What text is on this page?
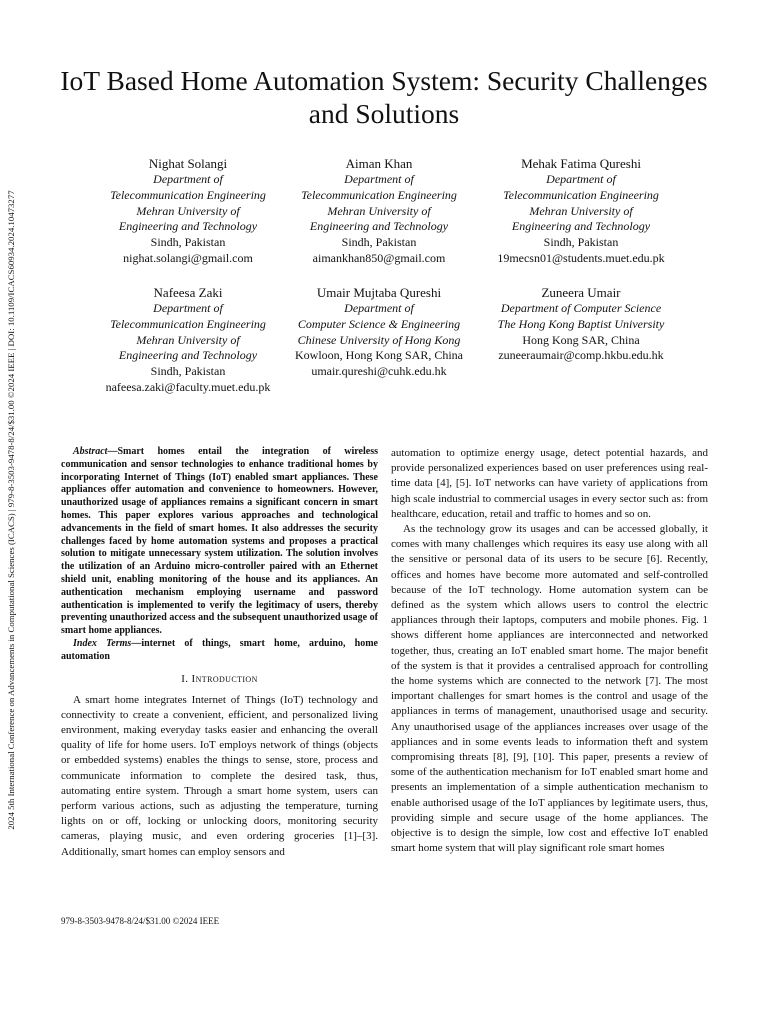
2024 5th International Conference on Advancements in Computational Sciences (ICACS) | 979-8-3503-9478-8/24/$31.00 ©2024 IEEE | DOI: 10.1109/ICACS60934.2024.10473277
IoT Based Home Automation System: Security Challenges and Solutions
Nighat Solangi
Department of
Telecommunication Engineering
Mehran University of
Engineering and Technology
Sindh, Pakistan
nighat.solangi@gmail.com
Aiman Khan
Department of
Telecommunication Engineering
Mehran University of
Engineering and Technology
Sindh, Pakistan
aimankhan850@gmail.com
Mehak Fatima Qureshi
Department of
Telecommunication Engineering
Mehran University of
Engineering and Technology
Sindh, Pakistan
19mecsn01@students.muet.edu.pk
Nafeesa Zaki
Department of
Telecommunication Engineering
Mehran University of
Engineering and Technology
Sindh, Pakistan
nafeesa.zaki@faculty.muet.edu.pk
Umair Mujtaba Qureshi
Department of
Computer Science & Engineering
Chinese University of Hong Kong
Kowloon, Hong Kong SAR, China
umair.qureshi@cuhk.edu.hk
Zuneera Umair
Department of Computer Science
The Hong Kong Baptist University
Hong Kong SAR, China
zuneeraumair@comp.hkbu.edu.hk

Abstract—Smart homes entail the integration of wireless communication and sensor technologies to enhance traditional homes by incorporating Internet of Things (IoT) enabled smart appliances. These appliances offer automation and convenience to homeowners. However, unauthorized usage of appliances remains a significant concern in smart homes. This paper explores various approaches and technological advancements in the field of smart homes. It also addresses the security challenges faced by home automation systems and proposes a practical solution to mitigate unnecessary system utilization. The solution involves the utilization of an Arduino micro-controller paired with an Ethernet shield unit, enabling monitoring of the house and its appliances. An authentication mechanism employing username and password authentication is implemented to verify the legitimacy of users, thereby preventing unauthorized access and the subsequent unauthorized usage of smart home appliances.

Index Terms—internet of things, smart home, arduino, home automation

I. Introduction

A smart home integrates Internet of Things (IoT) technology and connectivity to create a convenient, efficient, and personalized living environment, making everyday tasks easier and enhancing the overall quality of life for home users. IoT employs network of things (objects or embedded systems) enables the things to sense, store, process and communicate information to complete the desired task, thus, automating entire system. Through a smart home system, users can perform various actions, such as adjusting the temperature, turning lights on or off, locking or unlocking doors, monitoring security cameras, playing music, and even ordering groceries [1]–[3]. Additionally, smart homes can employ sensors and

automation to optimize energy usage, detect potential hazards, and provide personalized experiences based on user preferences using real-time data [4], [5]. IoT networks can have variety of applications from high scale industrial to commercial usages in every sector such as: from healthcare, education, retail and traffic to homes and so on.

As the technology grow its usages and can be accessed globally, it comes with many challenges which requires its easy use along with all the sensitive or personal data of its users to be secure [6]. Recently, offices and homes have become more automated and self-controlled because of the IoT technology. Home automation system can be defined as the system which allows users to control the electric appliances through their laptops, computers and mobile phones. Fig. 1 shows different home appliances are interconnected and networked together, thus, creating an IoT enabled smart home. The major benefit of the system is that it provides a centralised approach for controlling the home systems which are connected to the network [7]. The most important challenges for smart homes is the control and usage of the appliances in terms of management, unauthorised usage and security. Any unauthorised usage of the appliances increases over usage of the appliances and in some events leads to information theft and system compromising threats [8], [9], [10]. This paper, presents a review of some of the authentication mechanism for IoT enabled smart home and presents an implementation of a simple authentication mechanism to enable authorised usage of the IoT appliances by legitimate users, thus, providing simple and secure usage of the home appliances. The objective is to design the simple, low cost and effective IoT enabled smart home system that will play significant role smart homes

979-8-3503-9478-8/24/$31.00 ©2024 IEEE
